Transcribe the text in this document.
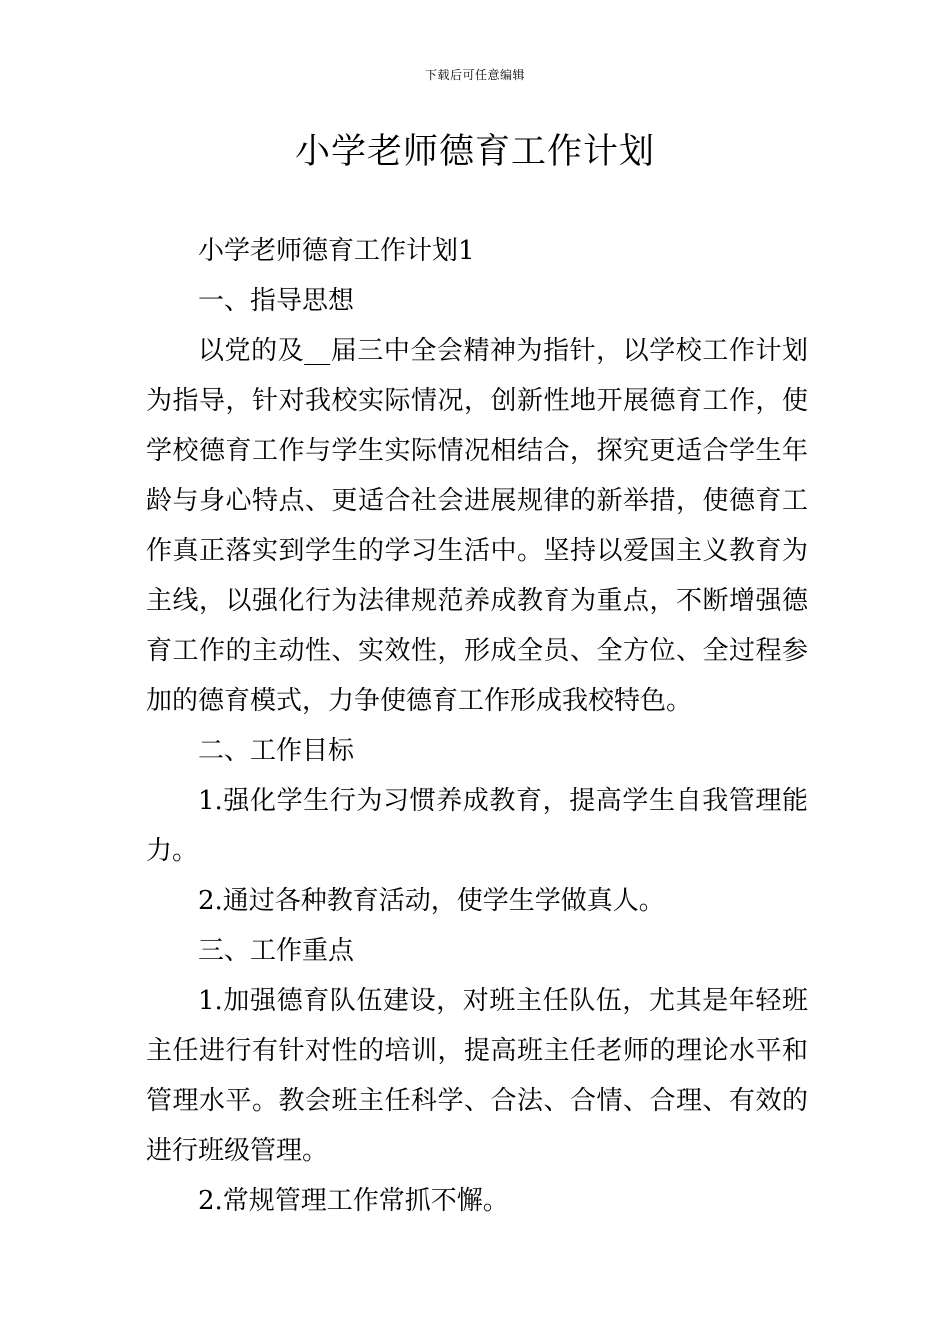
下载后可任意编辑
小学老师德育工作计划

小学老师德育工作计划1

一、指导思想

以党的及__届三中全会精神为指针，以学校工作计划为指导，针对我校实际情况，创新性地开展德育工作，使学校德育工作与学生实际情况相结合，探究更适合学生年龄与身心特点、更适合社会进展规律的新举措，使德育工作真正落实到学生的学习生活中。坚持以爱国主义教育为主线，以强化行为法律规范养成教育为重点，不断增强德育工作的主动性、实效性，形成全员、全方位、全过程参加的德育模式，力争使德育工作形成我校特色。

二、工作目标

1.强化学生行为习惯养成教育，提高学生自我管理能力。

2.通过各种教育活动，使学生学做真人。

三、工作重点

1.加强德育队伍建设，对班主任队伍，尤其是年轻班主任进行有针对性的培训，提高班主任老师的理论水平和管理水平。教会班主任科学、合法、合情、合理、有效的进行班级管理。

2.常规管理工作常抓不懈。
